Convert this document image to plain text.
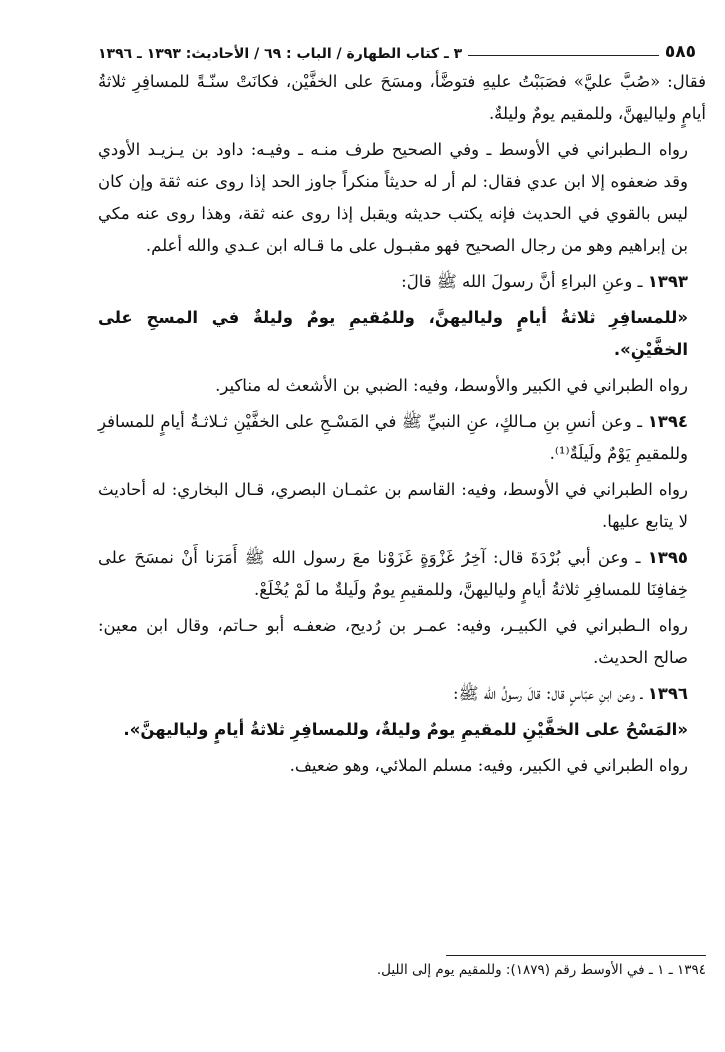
٥٨٥
٣ ـ كتاب الطهارة / الباب : ٦٩ / الأحاديث: ١٣٩٣ ـ ١٣٩٦

فقال: «صُبَّ عليَّ» فصَبَبْتُ عليهِ فتوضَّأ، ومسَحَ على الخفَّيْن، فكانَتْ سنّـةً للمسافِرِ ثلاثةُ أيامٍ ولياليهنَّ، وللمقيم يومٌ وليلةٌ.

رواه الـطبراني في الأوسط ـ وفي الصحيح طرف منـه ـ وفيـه: داود بن يـزيـد الأودي وقد ضعفوه إلا ابن عدي فقال: لم أر له حديثاً منكراً جاوز الحد إذا روى عنه ثقة وإن كان ليس بالقوي في الحديث فإنه يكتب حديثه ويقبل إذا روى عنه ثقة، وهذا روى عنه مكي بن إبراهيم وهو من رجال الصحيح فهو مقبـول على ما قـاله ابن عـدي والله أعلم.

١٣٩٣ ـ وعنِ البراءِ أنَّ رسولَ الله ﷺ قالَ:

«للمسافِرِ ثلاثةُ أيامٍ ولياليهنَّ، وللمُقيمِ يومٌ وليلةٌ في المسحِ على الخفَّيْنِ».

رواه الطبراني في الكبير والأوسط، وفيه: الضبي بن الأشعث له مناكير.

١٣٩٤ ـ وعن أنسِ بنِ مـالكٍ، عنِ النبيِّ ﷺ في المَسْـحِ على الخفَّيْنِ ثـلاثـةُ أيامٍ للمسافرِ وللمقيمِ يَوْمٌ ولَيلَةٌ⁽¹⁾.

رواه الطبراني في الأوسط، وفيه: القاسم بن عثمـان البصري، قـال البخاري: له أحاديث لا يتابع عليها.

١٣٩٥ ـ وعن أبي بُرْدَةَ قال: آخِرُ غَزْوَةٍ غَزَوْنا معَ رسول الله ﷺ أَمَرَنا أَنْ نمسَحَ على خِفافِنَا للمسافِرِ ثلاثةُ أيامٍ ولياليهنَّ، وللمقيمِ يومٌ ولَيلةٌ ما لَمْ يُخْلَعْ.

رواه الـطبراني في الكبيـر، وفيه: عمـر بن رُديح، ضعفـه أبو حـاتم، وقال ابن معين: صالح الحديث.

١٣٩٦ ـ وعن ابنِ عبّاسٍ قال: قالَ رسولُ الله ﷺ:

«المَسْحُ على الخفَّيْنِ للمقيمِ يومٌ وليلةٌ، وللمسافِرِ ثلاثةُ أيامٍ ولياليهنَّ».

رواه الطبراني في الكبير، وفيه: مسلم الملائي، وهو ضعيف.

١٣٩٤ ـ ١ ـ في الأوسط رقم (١٨٧٩): وللمقيم يوم إلى الليل.
